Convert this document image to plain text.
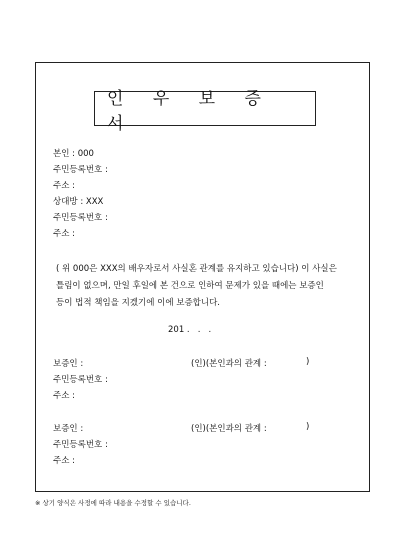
인 우 보 증 서
본인 : 000
주민등록번호 :
주소 :
상대방 : XXX
주민등록번호 :
주소 :
( 위 000은 XXX의 배우자로서 사실혼 관계를 유지하고 있습니다) 이 사실은
틀림이 없으며, 만일 후일에 본 건으로 인하여 문제가 있을 때에는 보증인
등이 법적 책임을 지겠기에 이에 보증합니다.
201 .   .   .
보증인 :	(인)(본인과의 관계 :	)
주민등록번호 :
주소 :
보증인 :	(인)(본인과의 관계 :	)
주민등록번호 :
주소 :
※ 상기 양식은 사정에 따라 내용을 수정할 수 있습니다.
